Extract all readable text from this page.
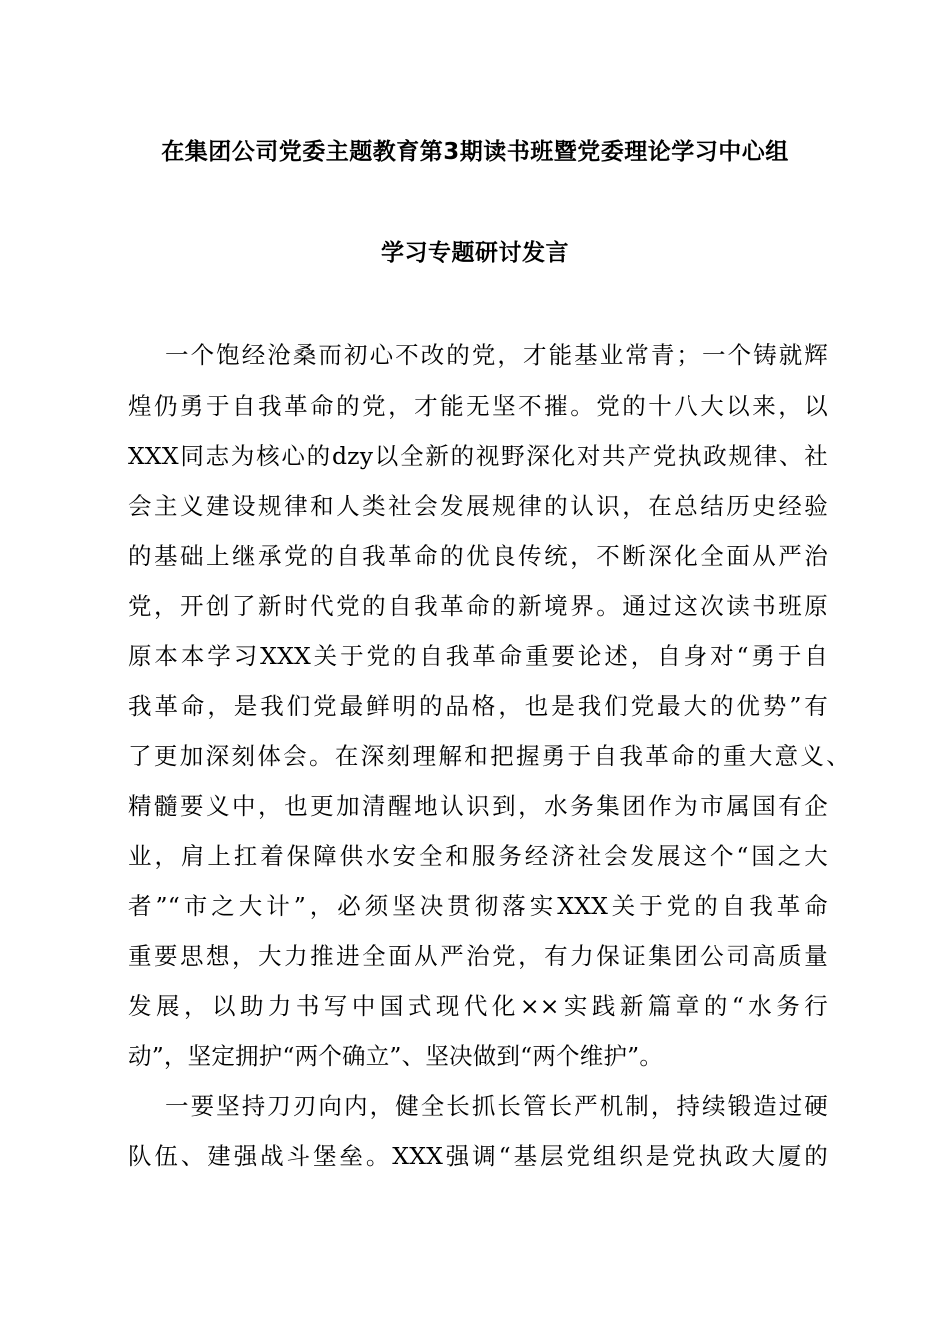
在集团公司党委主题教育第3期读书班暨党委理论学习中心组
学习专题研讨发言
一个饱经沧桑而初心不改的党，才能基业常青；一个铸就辉
煌仍勇于自我革命的党，才能无坚不摧。党的十八大以来，以
XXX同志为核心的dzy以全新的视野深化对共产党执政规律、社
会主义建设规律和人类社会发展规律的认识，在总结历史经验
的基础上继承党的自我革命的优良传统，不断深化全面从严治
党，开创了新时代党的自我革命的新境界。通过这次读书班原
原本本学习XXX关于党的自我革命重要论述，自身对“勇于自
我革命，是我们党最鲜明的品格，也是我们党最大的优势”有
了更加深刻体会。在深刻理解和把握勇于自我革命的重大意义、
精髓要义中，也更加清醒地认识到，水务集团作为市属国有企
业，肩上扛着保障供水安全和服务经济社会发展这个“国之大
者”“市之大计”，必须坚决贯彻落实XXX关于党的自我革命
重要思想，大力推进全面从严治党，有力保证集团公司高质量
发展，以助力书写中国式现代化××实践新篇章的“水务行
动”，坚定拥护“两个确立”、坚决做到“两个维护”。
一要坚持刀刃向内，健全长抓长管长严机制，持续锻造过硬
队伍、建强战斗堡垒。XXX强调“基层党组织是党执政大厦的
